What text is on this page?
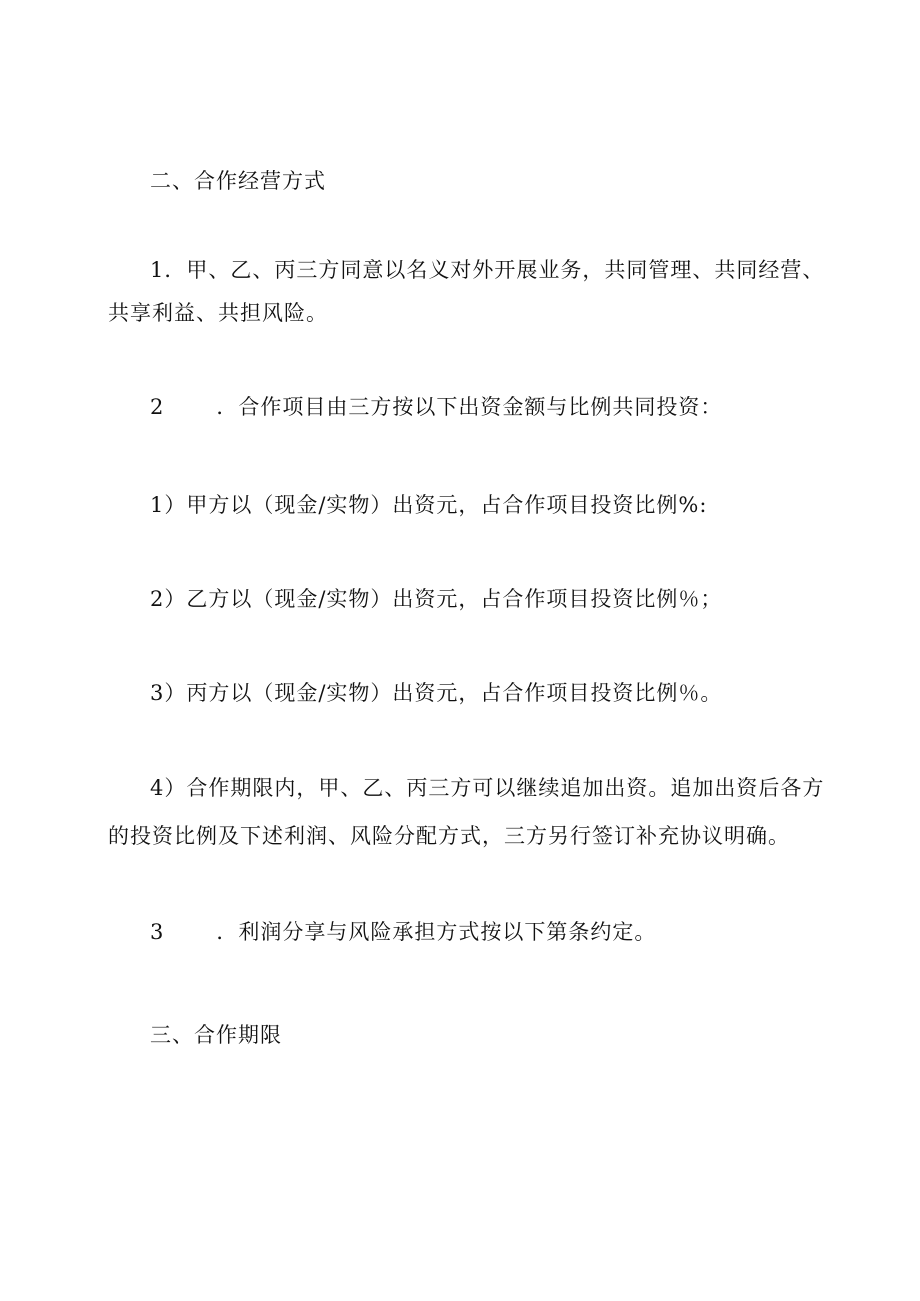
二、合作经营方式
1．甲、乙、丙三方同意以名义对外开展业务，共同管理、共同经营、
共享利益、共担风险。
2 ．合作项目由三方按以下出资金额与比例共同投资：
1）甲方以（现金/实物）出资元，占合作项目投资比例%:
2）乙方以（现金/实物）出资元，占合作项目投资比例％；
3）丙方以（现金/实物）出资元，占合作项目投资比例％。
4）合作期限内，甲、乙、丙三方可以继续追加出资。追加出资后各方
的投资比例及下述利润、风险分配方式，三方另行签订补充协议明确。
3 ．利润分享与风险承担方式按以下第条约定。
三、合作期限
